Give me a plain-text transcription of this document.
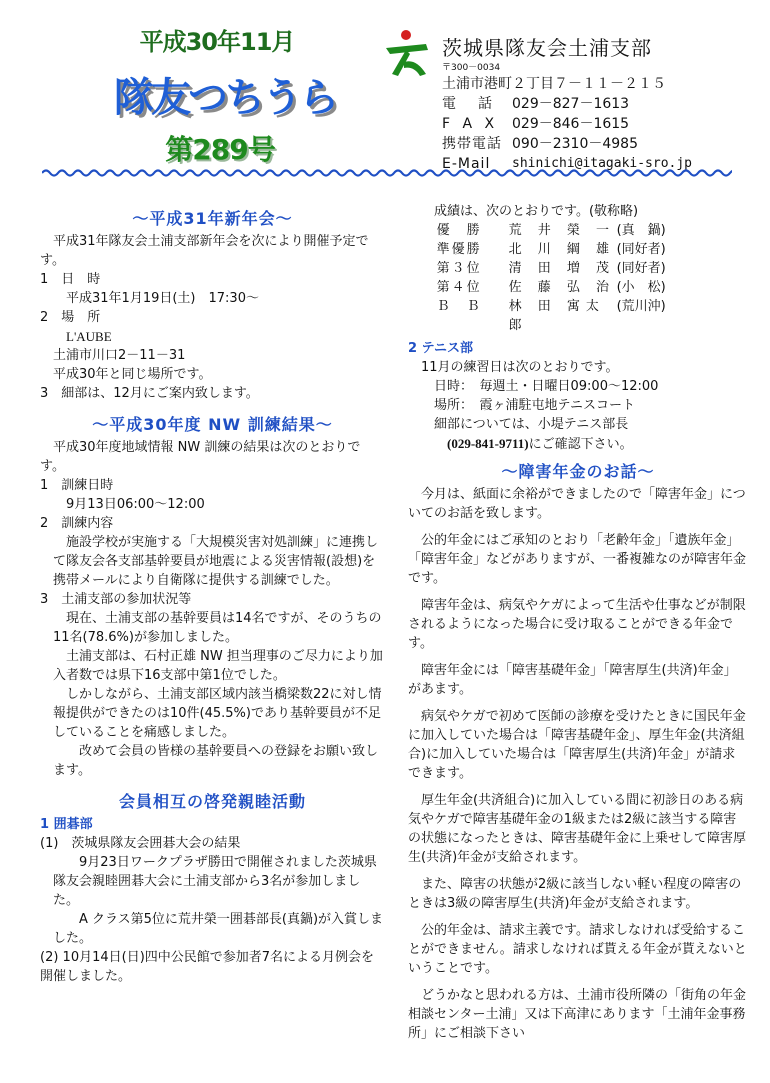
平成30年11月
隊友つちうら
第289号
茨城県隊友会土浦支部
〒300－0034
土浦市港町２丁目７－１１－２１５
電　話	029－827－1613
F A X 029－846－1615
携帯電話 090－2310－4985
E-Mail	shinichi@itagaki-sro.jp
～平成31年新年会～

平成31年隊友会土浦支部新年会を次により開催予定です。

1　日　時

平成31年1月19日(土)　17:30～

2　場　所

L'AUBE

土浦市川口2－11－31

平成30年と同じ場所です。

3　細部は、12月にご案内致します。

～平成30年度 NW 訓練結果～

平成30年度地域情報 NW 訓練の結果は次のとおりです。

1　訓練日時

9月13日06:00～12:00

2　訓練内容

施設学校が実施する「大規模災害対処訓練」に連携して隊友会各支部基幹要員が地震による災害情報(設想)を携帯メールにより自衛隊に提供する訓練でした。

3　土浦支部の参加状況等

現在、土浦支部の基幹要員は14名ですが、そのうちの11名(78.6%)が参加しました。

土浦支部は、石村正雄 NW 担当理事のご尽力により加入者数では県下16支部中第1位でした。

しかしながら、土浦支部区域内該当橋梁数22に対し情報提供ができたのは10件(45.5%)であり基幹要員が不足していることを痛感しました。

改めて会員の皆様の基幹要員への登録をお願い致します。

会員相互の啓発親睦活動

1 囲碁部

(1)　茨城県隊友会囲碁大会の結果

9月23日ワークプラザ勝田で開催されました茨城県隊友会親睦囲碁大会に土浦支部から3名が参加しました。

A クラス第5位に荒井榮一囲碁部長(真鍋)が入賞しました。

(2) 10月14日(日)四中公民館で参加者7名による月例会を開催しました。

成績は、次のとおりです。(敬称略)

優　勝	荒 井 榮 一 (真　鍋)
準優勝	北 川 綱 雄 (同好者)
第３位	清 田 増 茂 (同好者)
第４位	佐 藤 弘 治 (小　松)
Ｂ　Ｂ	林 田 寓太郎
(荒川沖)

2 テニス部

11月の練習日は次のとおりです。

日時：　毎週土・日曜日09:00～12:00

場所：　霞ヶ浦駐屯地テニスコート

細部については、小堤テニス部長

(029-841-9711)にご確認下さい。

～障害年金のお話～

今月は、紙面に余裕ができましたので「障害年金」についてのお話を致します。

公的年金にはご承知のとおり「老齢年金」「遺族年金」「障害年金」などがありますが、一番複雑なのが障害年金です。

障害年金は、病気やケガによって生活や仕事などが制限されるようになった場合に受け取ることができる年金です。

障害年金には「障害基礎年金」「障害厚生(共済)年金」があます。

病気やケガで初めて医師の診療を受けたときに国民年金に加入していた場合は「障害基礎年金」、厚生年金(共済組合)に加入していた場合は「障害厚生(共済)年金」が請求できます。

厚生年金(共済組合)に加入している間に初診日のある病気やケガで障害基礎年金の1級または2級に該当する障害の状態になったときは、障害基礎年金に上乗せして障害厚生(共済)年金が支給されます。

また、障害の状態が2級に該当しない軽い程度の障害のときは3級の障害厚生(共済)年金が支給されます。

公的年金は、請求主義です。請求しなければ受給することができません。請求しなければ貰える年金が貰えないということです。

どうかなと思われる方は、土浦市役所隣の「街角の年金相談センター土浦」又は下高津にあります「土浦年金事務所」にご相談下さい
